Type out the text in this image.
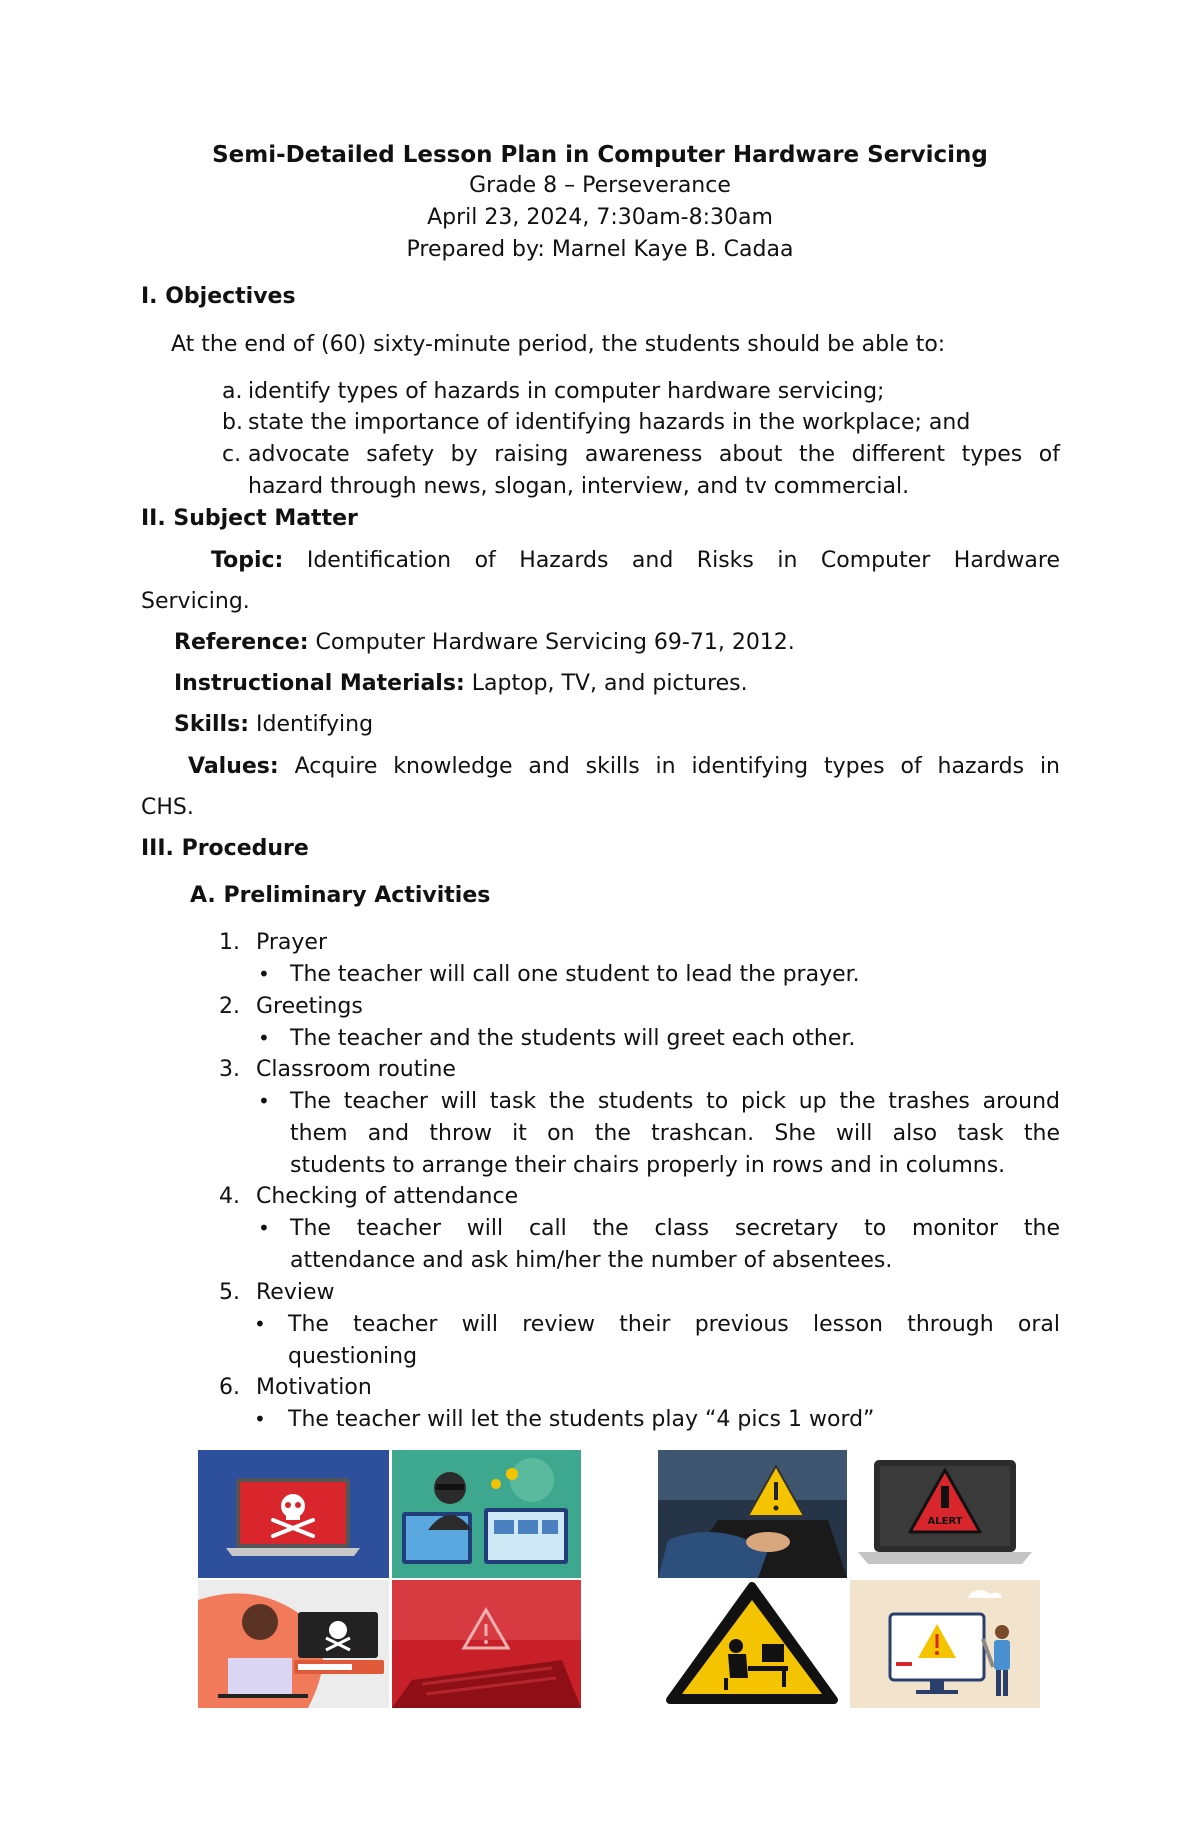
Semi-Detailed Lesson Plan in Computer Hardware Servicing
Grade 8 – Perseverance
April 23, 2024, 7:30am-8:30am
Prepared by: Marnel Kaye B. Cadaa
I. Objectives
At the end of (60) sixty-minute period, the students should be able to:
a. identify types of hazards in computer hardware servicing;
b. state the importance of identifying hazards in the workplace; and
c. advocate safety by raising awareness about the different types of
hazard through news, slogan, interview, and tv commercial.
II. Subject Matter
Topic: Identification of Hazards and Risks in Computer Hardware
Servicing.
Reference: Computer Hardware Servicing 69-71, 2012.
Instructional Materials: Laptop, TV, and pictures.
Skills: Identifying
Values: Acquire knowledge and skills in identifying types of hazards in
CHS.
III. Procedure
A. Preliminary Activities
1. Prayer
• The teacher will call one student to lead the prayer.
2. Greetings
• The teacher and the students will greet each other.
3. Classroom routine
• The teacher will task the students to pick up the trashes around
them and throw it on the trashcan. She will also task the
students to arrange their chairs properly in rows and in columns.
4. Checking of attendance
• The teacher will call the class secretary to monitor the
attendance and ask him/her the number of absentees.
5. Review
• The teacher will review their previous lesson through oral
questioning
6. Motivation
• The teacher will let the students play “4 pics 1 word”
ALERT
